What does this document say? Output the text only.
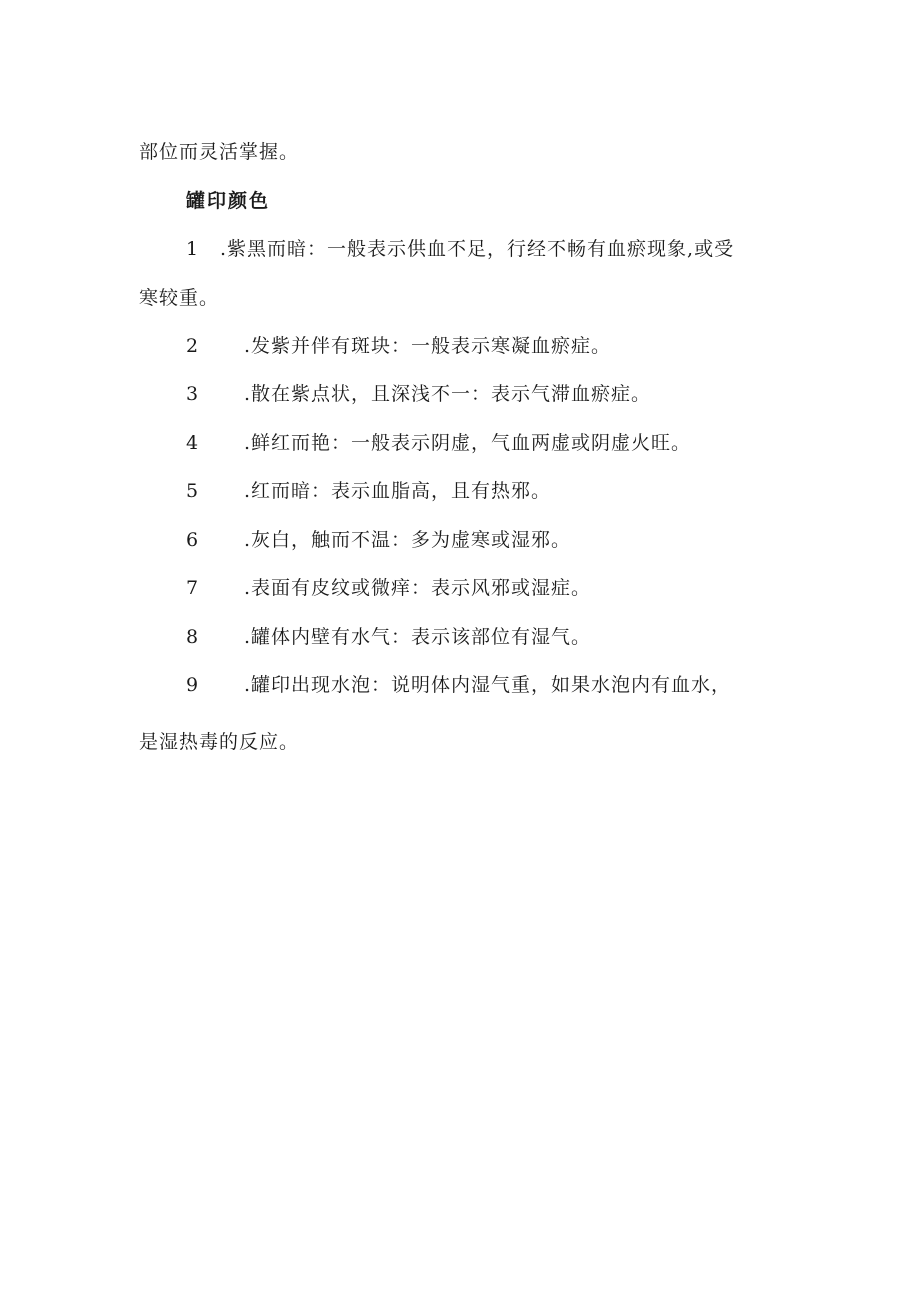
部位而灵活掌握。
罐印颜色
1 .紫黑而暗：一般表示供血不足，行经不畅有血瘀现象,或受
寒较重。
2 .发紫并伴有斑块：一般表示寒凝血瘀症。
3 .散在紫点状，且深浅不一：表示气滞血瘀症。
4 .鲜红而艳：一般表示阴虚，气血两虚或阴虚火旺。
5 .红而暗：表示血脂高，且有热邪。
6 .灰白，触而不温：多为虚寒或湿邪。
7 .表面有皮纹或微痒：表示风邪或湿症。
8 .罐体内壁有水气：表示该部位有湿气。
9 .罐印出现水泡：说明体内湿气重，如果水泡内有血水，
是湿热毒的反应。
